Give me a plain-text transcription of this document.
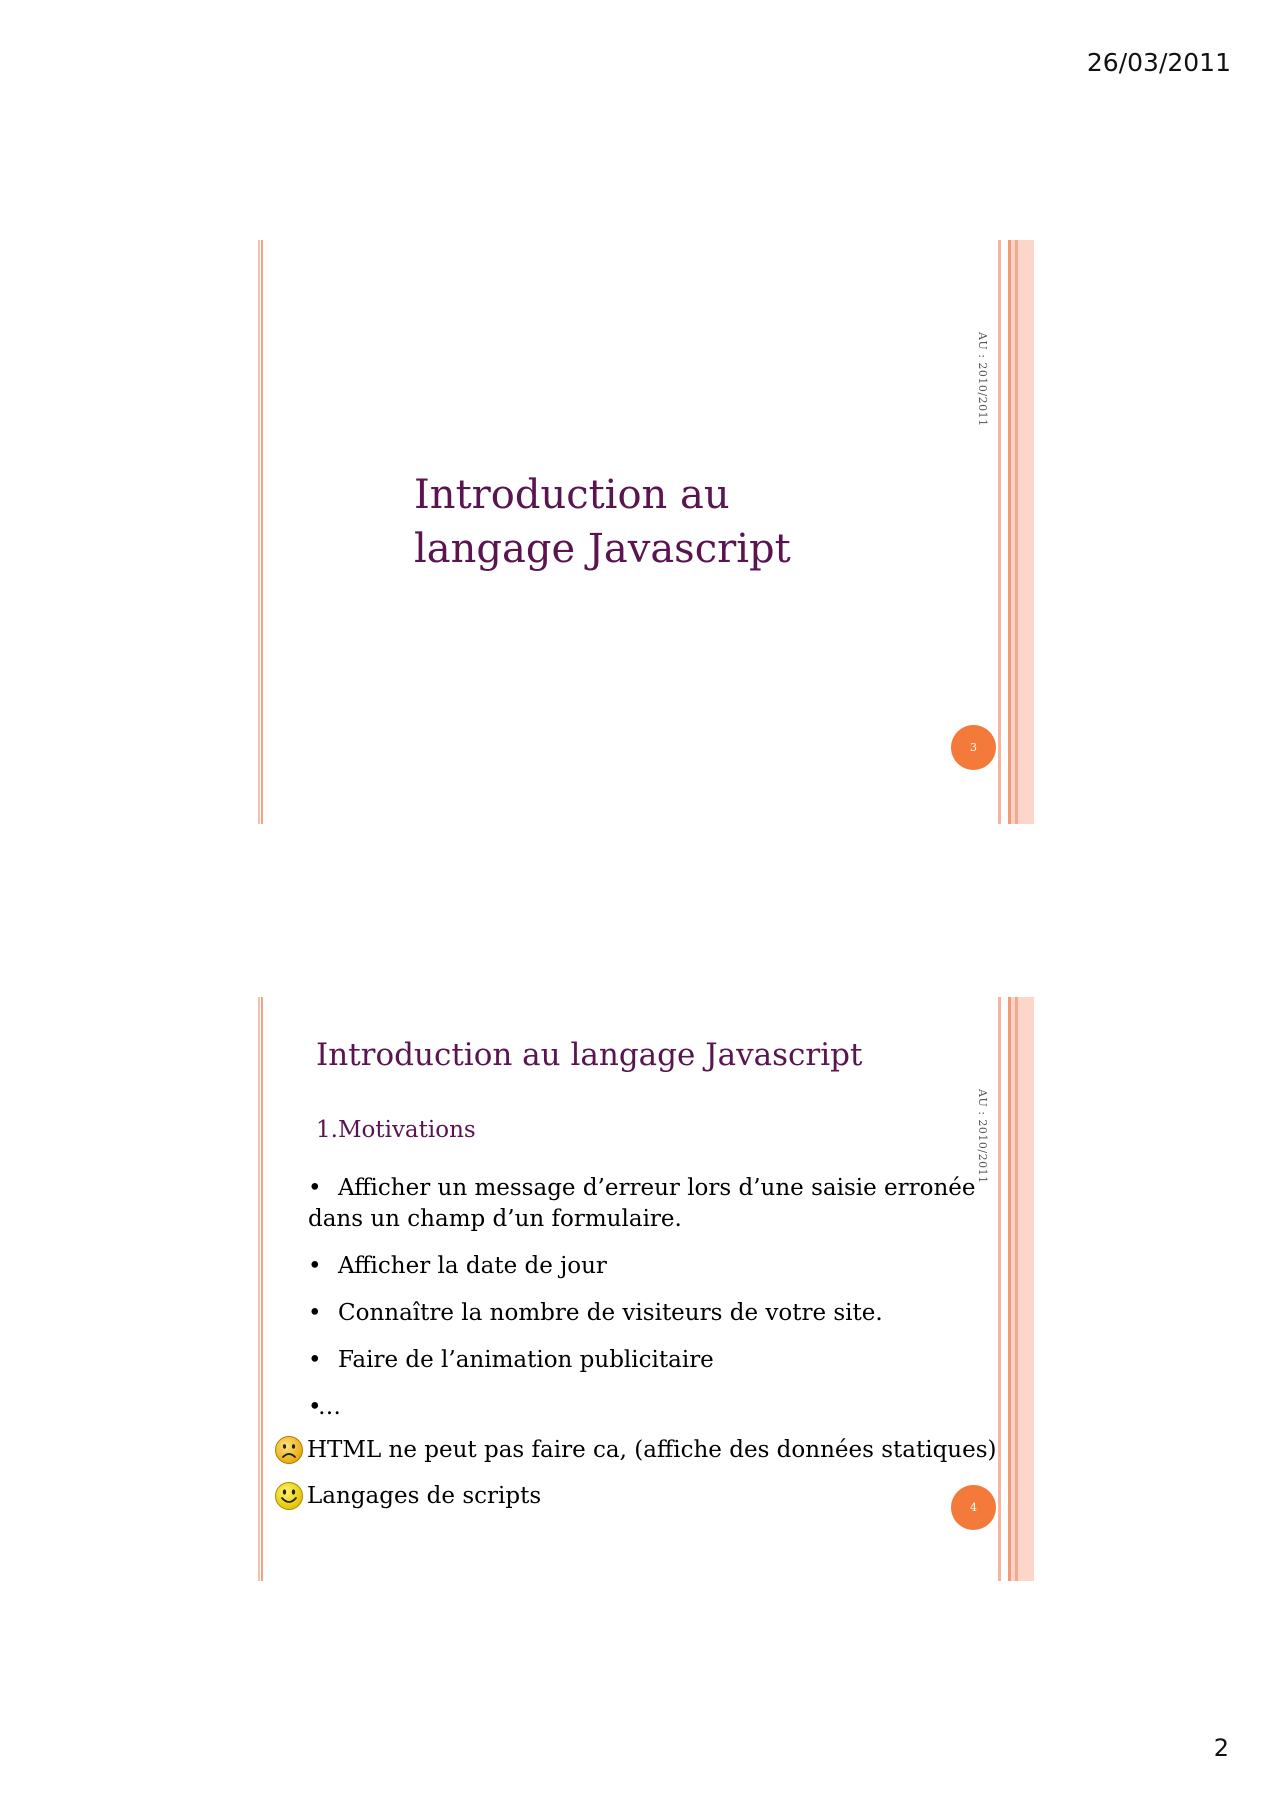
26/03/2011
AU : 2010/2011
Introduction au
langage Javascript
3
AU : 2010/2011
Introduction au langage Javascript
1.Motivations
• Afficher un message d’erreur lors d’une saisie erronée dans un champ d’un formulaire.
• Afficher la date de jour
• Connaître la nombre de visiteurs de votre site.
• Faire de l’animation publicitaire
•…
HTML ne peut pas faire ca, (affiche des données statiques)
Langages de scripts	4
2
